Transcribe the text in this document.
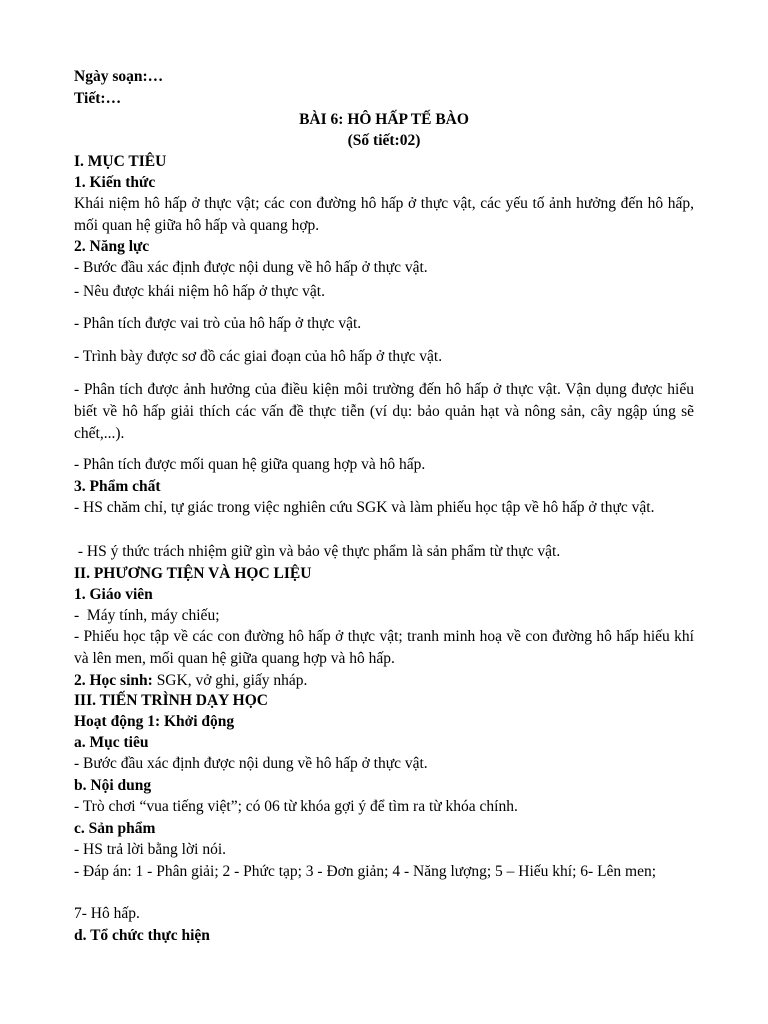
Ngày soạn:…
Tiết:…
BÀI 6: HÔ HẤP TẾ BÀO
(Số tiết:02)
I. MỤC TIÊU
1. Kiến thức
Khái niệm hô hấp ở thực vật; các con đường hô hấp ở thực vật, các yếu tố ảnh hưởng đến hô hấp, mối quan hệ giữa hô hấp và quang hợp.
2. Năng lực
- Bước đầu xác định được nội dung về hô hấp ở thực vật.
- Nêu được khái niệm hô hấp ở thực vật.
- Phân tích được vai trò của hô hấp ở thực vật.
- Trình bày được sơ đồ các giai đoạn của hô hấp ở thực vật.
- Phân tích được ảnh hưởng của điều kiện môi trường đến hô hấp ở thực vật. Vận dụng được hiểu biết về hô hấp giải thích các vấn đề thực tiễn (ví dụ: bảo quản hạt và nông sản, cây ngập úng sẽ chết,...).
- Phân tích được mối quan hệ giữa quang hợp và hô hấp.
3. Phẩm chất
- HS chăm chỉ, tự giác trong việc nghiên cứu SGK và làm phiếu học tập về hô hấp ở thực vật.
- HS ý thức trách nhiệm giữ gìn và bảo vệ thực phẩm là sản phẩm từ thực vật.
II. PHƯƠNG TIỆN VÀ HỌC LIỆU
1. Giáo viên
-  Máy tính, máy chiếu;
- Phiếu học tập về các con đường hô hấp ở thực vật; tranh minh hoạ về con đường hô hấp hiếu khí và lên men, mối quan hệ giữa quang hợp và hô hấp.
2. Học sinh: SGK, vở ghi, giấy nháp.
III. TIẾN TRÌNH DẠY HỌC
Hoạt động 1: Khởi động
a. Mục tiêu
- Bước đầu xác định được nội dung về hô hấp ở thực vật.
b. Nội dung
- Trò chơi “vua tiếng việt”; có 06 từ khóa gợi ý để tìm ra từ khóa chính.
c. Sản phẩm
- HS trả lời bằng lời nói.
- Đáp án: 1 - Phân giải; 2 - Phức tạp; 3 - Đơn giản; 4 - Năng lượng; 5 – Hiếu khí; 6- Lên men;
7- Hô hấp.
d. Tổ chức thực hiện
